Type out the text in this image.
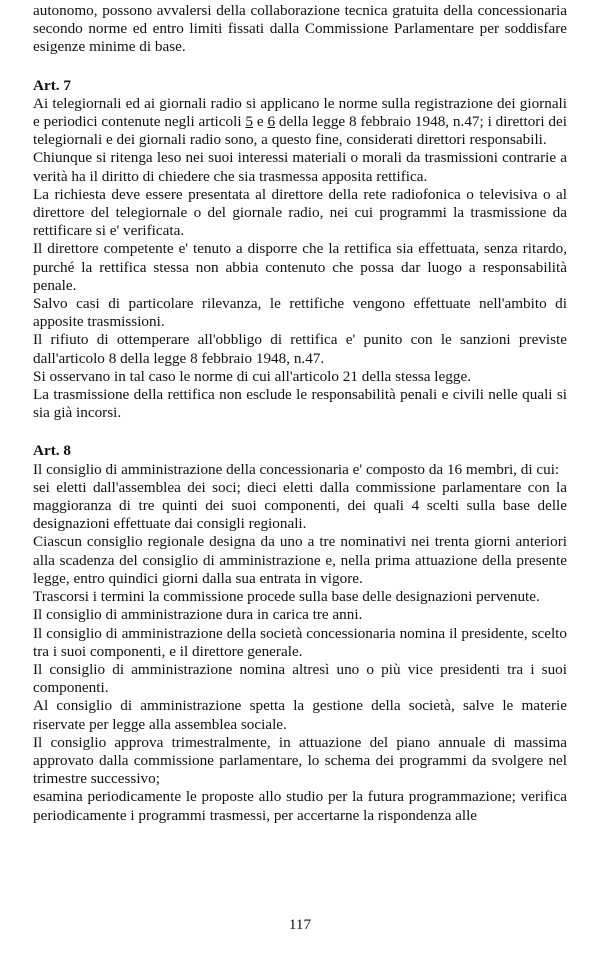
autonomo, possono avvalersi della collaborazione tecnica gratuita della concessionaria secondo norme ed entro limiti fissati dalla Commissione Parlamentare per soddisfare esigenze minime di base.

Art. 7

Ai telegiornali ed ai giornali radio si applicano le norme sulla registrazione dei giornali e periodici contenute negli articoli 5 e 6 della legge 8 febbraio 1948, n.47; i direttori dei telegiornali e dei giornali radio sono, a questo fine, considerati direttori responsabili.

Chiunque si ritenga leso nei suoi interessi materiali o morali da trasmissioni contrarie a verità ha il diritto di chiedere che sia trasmessa apposita rettifica.

La richiesta deve essere presentata al direttore della rete radiofonica o televisiva o al direttore del telegiornale o del giornale radio, nei cui programmi la trasmissione da rettificare si e' verificata.

Il direttore competente e' tenuto a disporre che la rettifica sia effettuata, senza ritardo, purché la rettifica stessa non abbia contenuto che possa dar luogo a responsabilità penale.

Salvo casi di particolare rilevanza, le rettifiche vengono effettuate nell'ambito di apposite trasmissioni.

Il rifiuto di ottemperare all'obbligo di rettifica e' punito con le sanzioni previste dall'articolo 8 della legge 8 febbraio 1948, n.47.

Si osservano in tal caso le norme di cui all'articolo 21 della stessa legge.

La trasmissione della rettifica non esclude le responsabilità penali e civili nelle quali si sia già incorsi.

Art. 8

Il consiglio di amministrazione della concessionaria e' composto da 16 membri, di cui:

sei eletti dall'assemblea dei soci; dieci eletti dalla commissione parlamentare con la maggioranza di tre quinti dei suoi componenti, dei quali 4 scelti sulla base delle designazioni effettuate dai consigli regionali.

Ciascun consiglio regionale designa da uno a tre nominativi nei trenta giorni anteriori alla scadenza del consiglio di amministrazione e, nella prima attuazione della presente legge, entro quindici giorni dalla sua entrata in vigore.

Trascorsi i termini la commissione procede sulla base delle designazioni pervenute.

Il consiglio di amministrazione dura in carica tre anni.

Il consiglio di amministrazione della società concessionaria nomina il presidente, scelto tra i suoi componenti, e il direttore generale.

Il consiglio di amministrazione nomina altresì uno o più vice presidenti tra i suoi componenti.

Al consiglio di amministrazione spetta la gestione della società, salve le materie riservate per legge alla assemblea sociale.

Il consiglio approva trimestralmente, in attuazione del piano annuale di massima approvato dalla commissione parlamentare, lo schema dei programmi da svolgere nel trimestre successivo;

esamina periodicamente le proposte allo studio per la futura programmazione; verifica periodicamente i programmi trasmessi, per accertarne la rispondenza alle

117
